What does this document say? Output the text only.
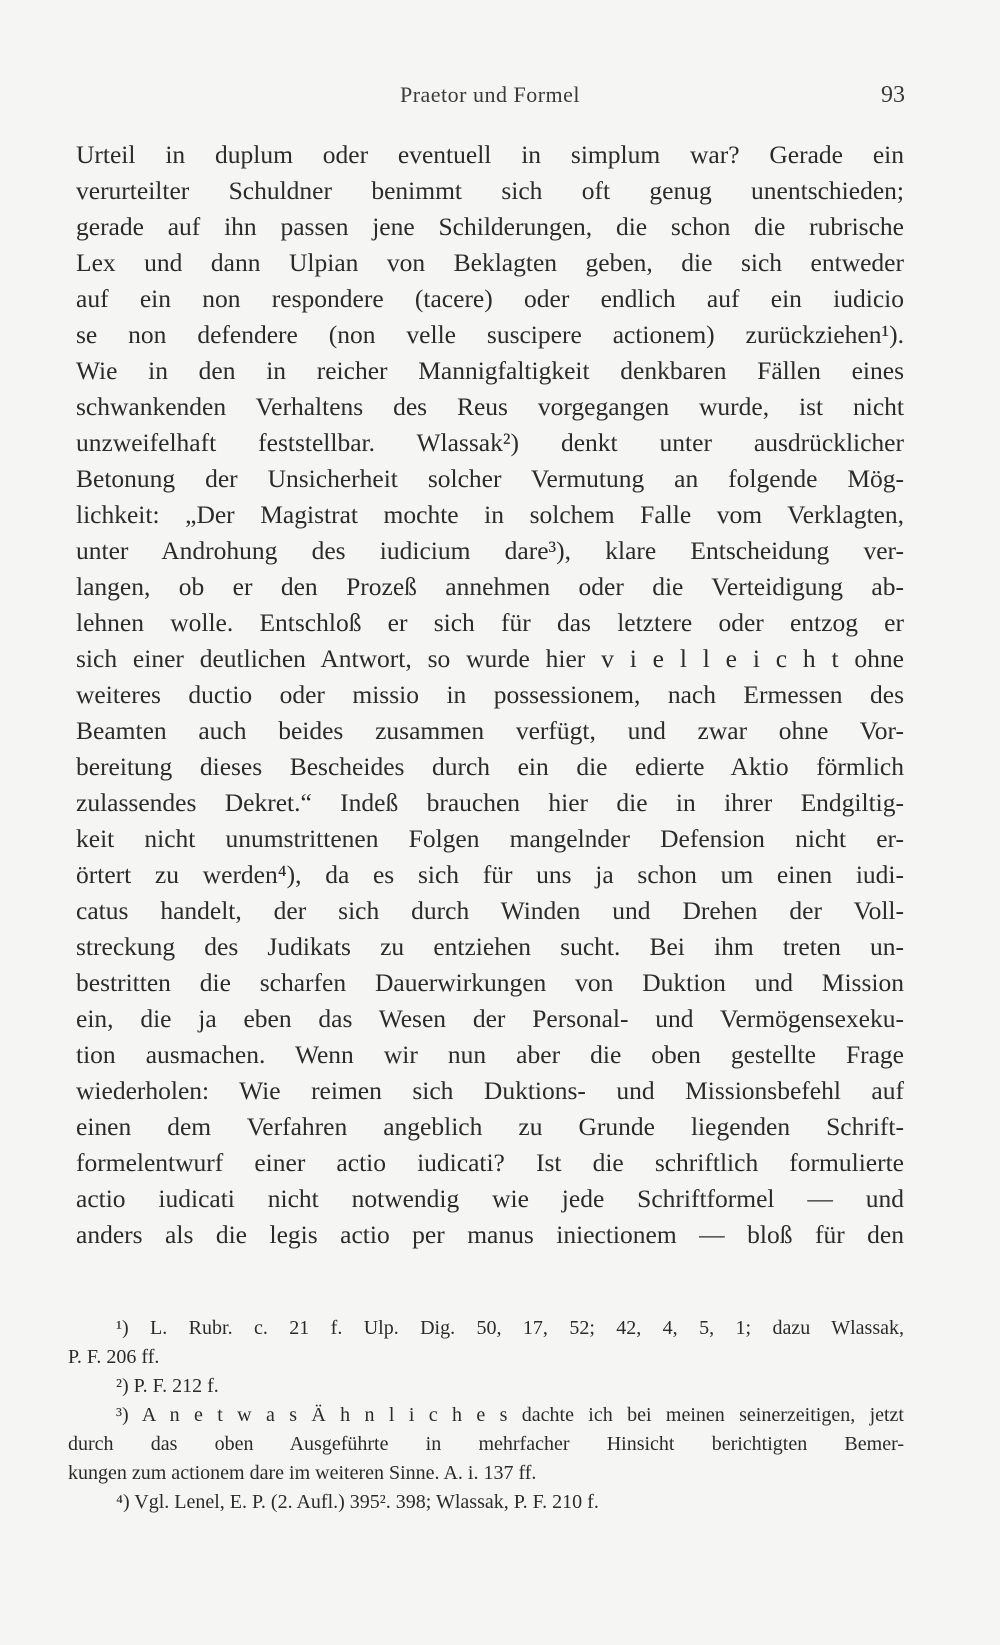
Praetor und Formel	93
Urteil in duplum oder eventuell in simplum war? Gerade ein
verurteilter Schuldner benimmt sich oft genug unentschieden;
gerade auf ihn passen jene Schilderungen, die schon die rubrische
Lex und dann Ulpian von Beklagten geben, die sich entweder
auf ein non respondere (tacere) oder endlich auf ein iudicio
se non defendere (non velle suscipere actionem) zurückziehen¹).
Wie in den in reicher Mannigfaltigkeit denkbaren Fällen eines
schwankenden Verhaltens des Reus vorgegangen wurde, ist nicht
unzweifelhaft feststellbar. Wlassak²) denkt unter ausdrücklicher
Betonung der Unsicherheit solcher Vermutung an folgende Mög-
lichkeit: „Der Magistrat mochte in solchem Falle vom Verklagten,
unter Androhung des iudicium dare³), klare Entscheidung ver-
langen, ob er den Prozeß annehmen oder die Verteidigung ab-
lehnen wolle. Entschloß er sich für das letztere oder entzog er
sich einer deutlichen Antwort, so wurde hier v i e l l e i c h t ohne
weiteres ductio oder missio in possessionem, nach Ermessen des
Beamten auch beides zusammen verfügt, und zwar ohne Vor-
bereitung dieses Bescheides durch ein die edierte Aktio förmlich
zulassendes Dekret.“ Indeß brauchen hier die in ihrer Endgiltig-
keit nicht unumstrittenen Folgen mangelnder Defension nicht er-
örtert zu werden⁴), da es sich für uns ja schon um einen iudi-
catus handelt, der sich durch Winden und Drehen der Voll-
streckung des Judikats zu entziehen sucht. Bei ihm treten un-
bestritten die scharfen Dauerwirkungen von Duktion und Mission
ein, die ja eben das Wesen der Personal- und Vermögensexeku-
tion ausmachen. Wenn wir nun aber die oben gestellte Frage
wiederholen: Wie reimen sich Duktions- und Missionsbefehl auf
einen dem Verfahren angeblich zu Grunde liegenden Schrift-
formelentwurf einer actio iudicati? Ist die schriftlich formulierte
actio iudicati nicht notwendig wie jede Schriftformel — und
anders als die legis actio per manus iniectionem — bloß für den
¹) L. Rubr. c. 21 f. Ulp. Dig. 50, 17, 52; 42, 4, 5, 1; dazu Wlassak,
P. F. 206 ff.
²) P. F. 212 f.
³) A n e t w a s Ä h n l i c h e s dachte ich bei meinen seinerzeitigen, jetzt
durch das oben Ausgeführte in mehrfacher Hinsicht berichtigten Bemer-
kungen zum actionem dare im weiteren Sinne. A. i. 137 ff.
⁴) Vgl. Lenel, E. P. (2. Aufl.) 395². 398; Wlassak, P. F. 210 f.
